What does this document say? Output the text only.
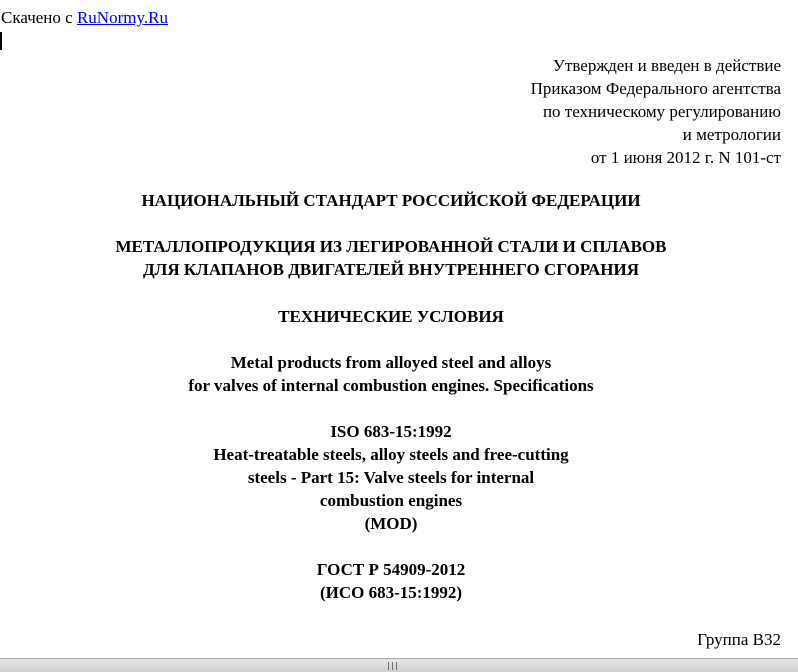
Скачено с RuNormy.Ru
Утвержден и введен в действие
Приказом Федерального агентства
по техническому регулированию
и метрологии
от 1 июня 2012 г. N 101-ст
НАЦИОНАЛЬНЫЙ СТАНДАРТ РОССИЙСКОЙ ФЕДЕРАЦИИ
МЕТАЛЛОПРОДУКЦИЯ ИЗ ЛЕГИРОВАННОЙ СТАЛИ И СПЛАВОВ
ДЛЯ КЛАПАНОВ ДВИГАТЕЛЕЙ ВНУТРЕННЕГО СГОРАНИЯ
ТЕХНИЧЕСКИЕ УСЛОВИЯ
Metal products from alloyed steel and alloys
for valves of internal combustion engines. Specifications
ISO 683-15:1992
Heat-treatable steels, alloy steels and free-cutting
steels - Part 15: Valve steels for internal
combustion engines
(MOD)
ГОСТ Р 54909-2012
(ИСО 683-15:1992)
Группа В32
